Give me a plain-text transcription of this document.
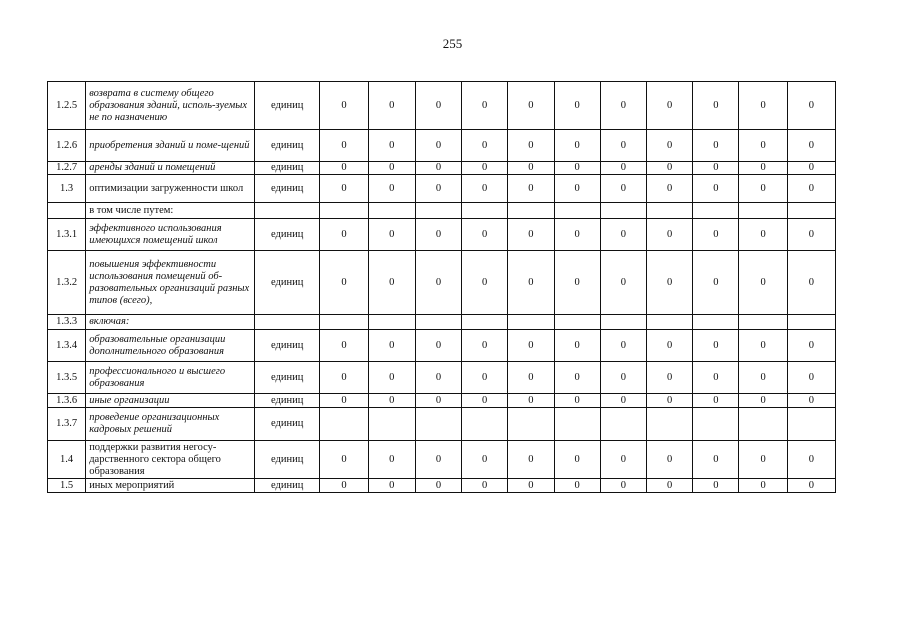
255
1.2.5	возврата в систему общего образования зданий, исполь-зуемых не по назначению	единиц	0	0	0	0	0	0	0	0	0	0	0
1.2.6	приобретения зданий и поме-щений	единиц	0	0	0	0	0	0	0	0	0	0	0
1.2.7	аренды зданий и помещений	единиц	0	0	0	0	0	0	0	0	0	0	0
1.3	оптимизации загруженности школ	единиц	0	0	0	0	0	0	0	0	0	0	0
	в том числе путем:												
1.3.1	эффективного использования имеющихся помещений школ	единиц	0	0	0	0	0	0	0	0	0	0	0
1.3.2	повышения эффективности использования помещений об-разовательных организаций разных типов (всего),	единиц	0	0	0	0	0	0	0	0	0	0	0
1.3.3	включая:												
1.3.4	образовательные организации дополнительного образования	единиц	0	0	0	0	0	0	0	0	0	0	0
1.3.5	профессионального и высшего образования	единиц	0	0	0	0	0	0	0	0	0	0	0
1.3.6	иные организации	единиц	0	0	0	0	0	0	0	0	0	0	0
1.3.7	проведение организационных кадровых решений	единиц											
1.4	поддержки развития негосу-дарственного сектора общего образования	единиц	0	0	0	0	0	0	0	0	0	0	0
1.5	иных мероприятий	единиц	0	0	0	0	0	0	0	0	0	0	0
